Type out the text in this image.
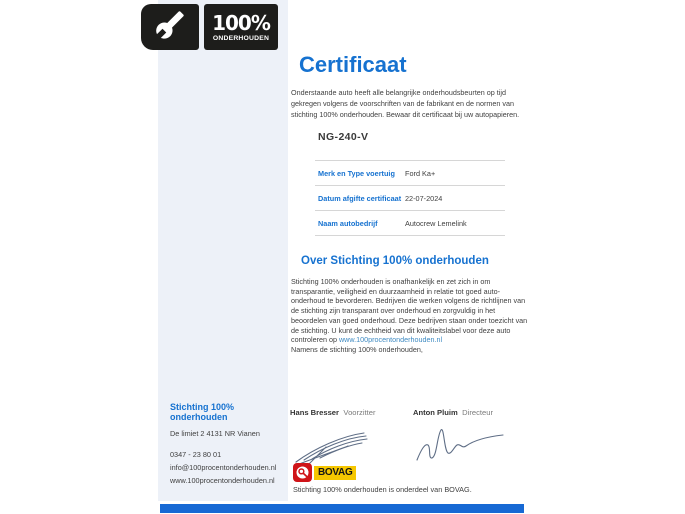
100%
ONDERHOUDEN
Certificaat
Onderstaande auto heeft alle belangrijke onderhoudsbeurten op tijd gekregen volgens de voorschriften van de fabrikant en de normen van stichting 100% onderhouden. Bewaar dit certificaat bij uw autopapieren.
NG-240-V
Merk en Type voertuig	Ford Ka+
Datum afgifte certificaat 22-07-2024
Naam autobedrijf	Autocrew Lemelink
Over Stichting 100% onderhouden
Stichting 100% onderhouden is onafhankelijk en zet zich in om transparantie, veiligheid en duurzaamheid in relatie tot goed auto-onderhoud te bevorderen. Bedrijven die werken volgens de richtlijnen van de stichting zijn transparant over onderhoud en zorgvuldig in het beoordelen van goed onderhoud. Deze bedrijven staan onder toezicht van de stichting. U kunt de echtheid van dit kwaliteitslabel voor deze auto controleren op www.100procentonderhouden.nl
Namens de stichting 100% onderhouden,
Stichting 100% onderhouden
De limiet 2 4131 NR Vianen
0347 - 23 80 01
info@100procentonderhouden.nl
www.100procentonderhouden.nl
Hans Bresser Voorzitter	Anton Pluim Directeur
BOVAG
Stichting 100% onderhouden is onderdeel van BOVAG.
